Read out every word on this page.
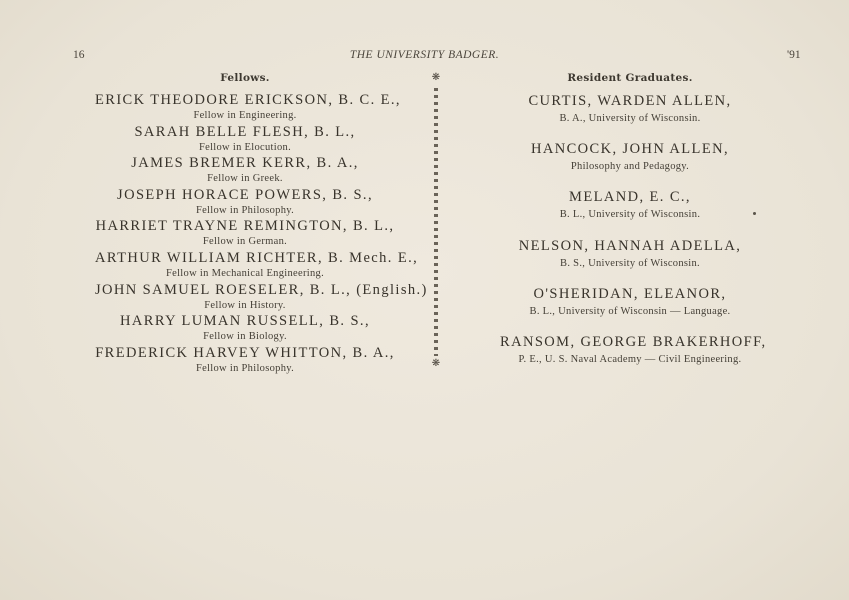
16	THE UNIVERSITY BADGER.	'91
Fellows.
ERICK THEODORE ERICKSON, B. C. E.,
Fellow in Engineering.
SARAH BELLE FLESH, B. L.,
Fellow in Elocution.
JAMES BREMER KERR, B. A.,
Fellow in Greek.
JOSEPH HORACE POWERS, B. S.,
Fellow in Philosophy.
HARRIET TRAYNE REMINGTON, B. L.,
Fellow in German.
ARTHUR WILLIAM RICHTER, B. Mech. E.,
Fellow in Mechanical Engineering.
JOHN SAMUEL ROESELER, B. L., (English.)
Fellow in History.
HARRY LUMAN RUSSELL, B. S.,
Fellow in Biology.
FREDERICK HARVEY WHITTON, B. A.,
Fellow in Philosophy.
❋
❋
Resident Graduates.
CURTIS, WARDEN ALLEN,
B. A., University of Wisconsin.
HANCOCK, JOHN ALLEN,
Philosophy and Pedagogy.
MELAND, E. C.,
B. L., University of Wisconsin.
NELSON, HANNAH ADELLA,
B. S., University of Wisconsin.
O'SHERIDAN, ELEANOR,
B. L., University of Wisconsin — Language.
RANSOM, GEORGE BRAKERHOFF,
P. E., U. S. Naval Academy — Civil Engineering.
